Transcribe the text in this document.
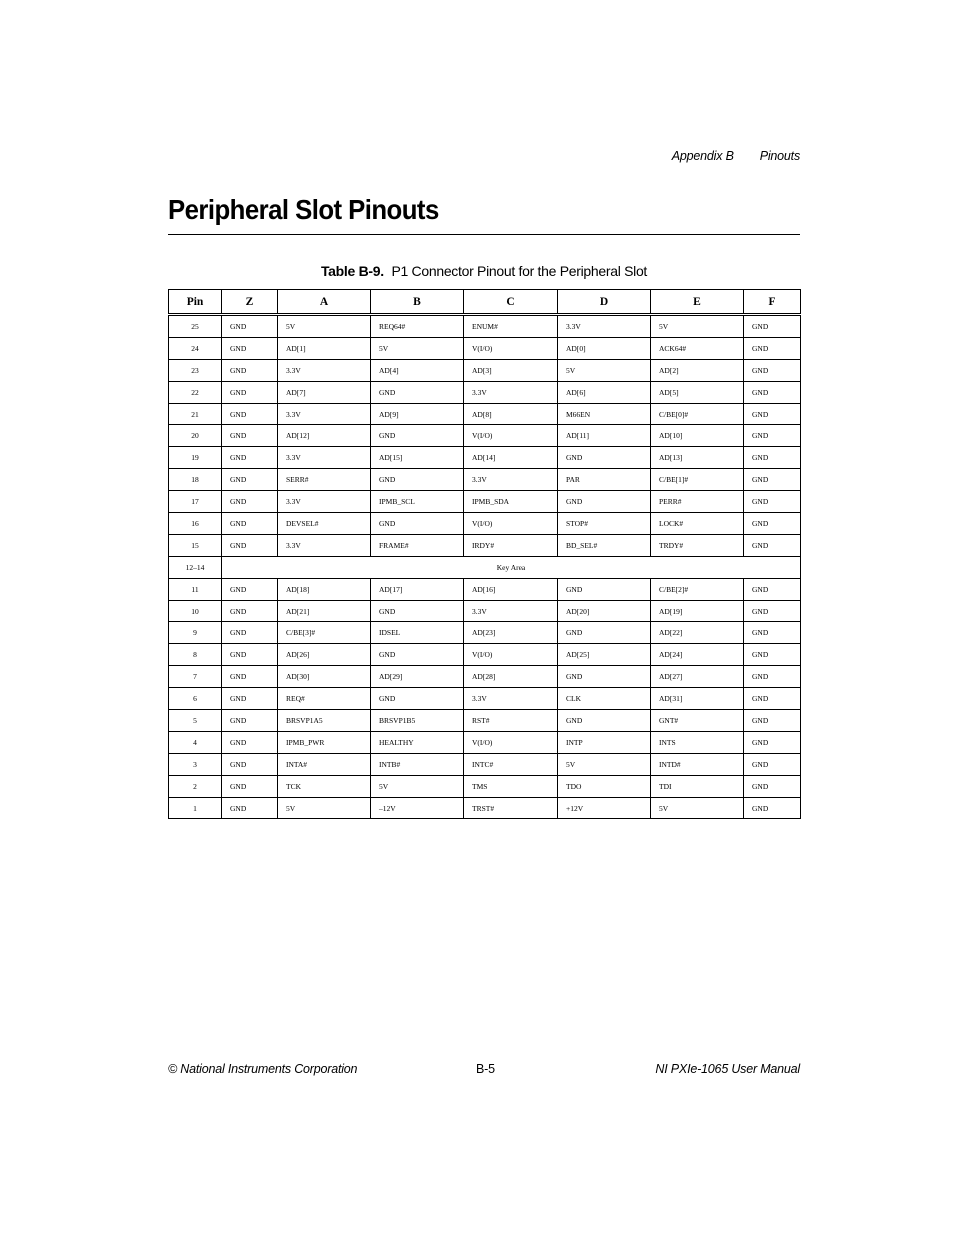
Appendix B Pinouts
Peripheral Slot Pinouts
Table B-9. P1 Connector Pinout for the Peripheral Slot
Pin	Z	A	B	C	D	E	F
25	GND	5V	REQ64#	ENUM#	3.3V	5V	GND
24	GND	AD[1]	5V	V(I/O)	AD[0]	ACK64#	GND
23	GND	3.3V	AD[4]	AD[3]	5V	AD[2]	GND
22	GND	AD[7]	GND	3.3V	AD[6]	AD[5]	GND
21	GND	3.3V	AD[9]	AD[8]	M66EN	C/BE[0]#	GND
20	GND	AD[12]	GND	V(I/O)	AD[11]	AD[10]	GND
19	GND	3.3V	AD[15]	AD[14]	GND	AD[13]	GND
18	GND	SERR#	GND	3.3V	PAR	C/BE[1]#	GND
17	GND	3.3V	IPMB_SCL	IPMB_SDA	GND	PERR#	GND
16	GND	DEVSEL#	GND	V(I/O)	STOP#	LOCK#	GND
15	GND	3.3V	FRAME#	IRDY#	BD_SEL#	TRDY#	GND
12–14	Key Area						
11	GND	AD[18]	AD[17]	AD[16]	GND	C/BE[2]#	GND
10	GND	AD[21]	GND	3.3V	AD[20]	AD[19]	GND
9	GND	C/BE[3]#	IDSEL	AD[23]	GND	AD[22]	GND
8	GND	AD[26]	GND	V(I/O)	AD[25]	AD[24]	GND
7	GND	AD[30]	AD[29]	AD[28]	GND	AD[27]	GND
6	GND	REQ#	GND	3.3V	CLK	AD[31]	GND
5	GND	BRSVP1A5	BRSVP1B5	RST#	GND	GNT#	GND
4	GND	IPMB_PWR	HEALTHY	V(I/O)	INTP	INTS	GND
3	GND	INTA#	INTB#	INTC#	5V	INTD#	GND
2	GND	TCK	5V	TMS	TDO	TDI	GND
1	GND	5V	–12V	TRST#	+12V	5V	GND
© National Instruments Corporation	B-5	NI PXIe-1065 User Manual
